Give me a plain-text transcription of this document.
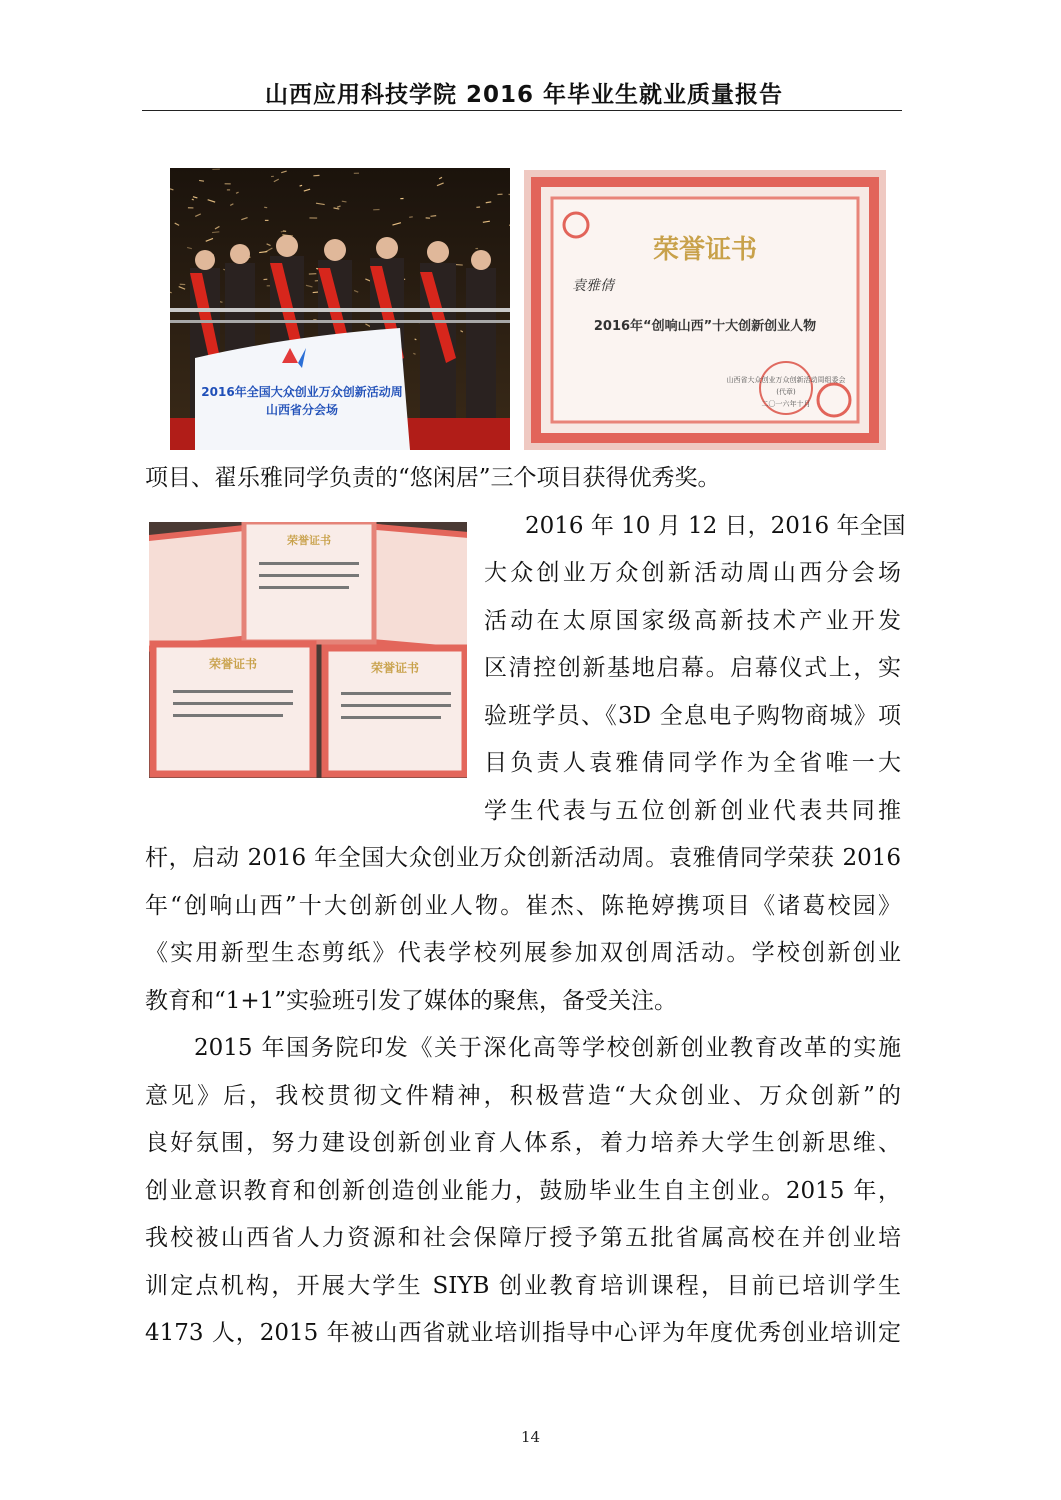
山西应用科技学院 2016 年毕业生就业质量报告
2016年全国大众创业万众创新活动周
山西省分会场
荣誉证书
袁雅倩
2016年“创响山西”十大创新创业人物
山西省大众创业万众创新活动周组委会
(代章)
二〇一六年十月
荣誉证书
荣誉证书	荣誉证书
项目、翟乐雅同学负责的“悠闲居”三个项目获得优秀奖。
2016 年 10 月 12 日，2016 年全国
大众创业万众创新活动周山西分会场
活动在太原国家级高新技术产业开发
区清控创新基地启幕。启幕仪式上，实
验班学员、《3D 全息电子购物商城》项
目负责人袁雅倩同学作为全省唯一大
学生代表与五位创新创业代表共同推
杆，启动 2016 年全国大众创业万众创新活动周。袁雅倩同学荣获 2016
年“创响山西”十大创新创业人物。崔杰、陈艳婷携项目《诸葛校园》
《实用新型生态剪纸》代表学校列展参加双创周活动。学校创新创业
教育和“1+1”实验班引发了媒体的聚焦，备受关注。
2015 年国务院印发《关于深化高等学校创新创业教育改革的实施
意见》后，我校贯彻文件精神，积极营造“大众创业、万众创新”的
良好氛围，努力建设创新创业育人体系，着力培养大学生创新思维、
创业意识教育和创新创造创业能力，鼓励毕业生自主创业。2015 年，
我校被山西省人力资源和社会保障厅授予第五批省属高校在并创业培
训定点机构，开展大学生 SIYB 创业教育培训课程，目前已培训学生
4173 人，2015 年被山西省就业培训指导中心评为年度优秀创业培训定
14
